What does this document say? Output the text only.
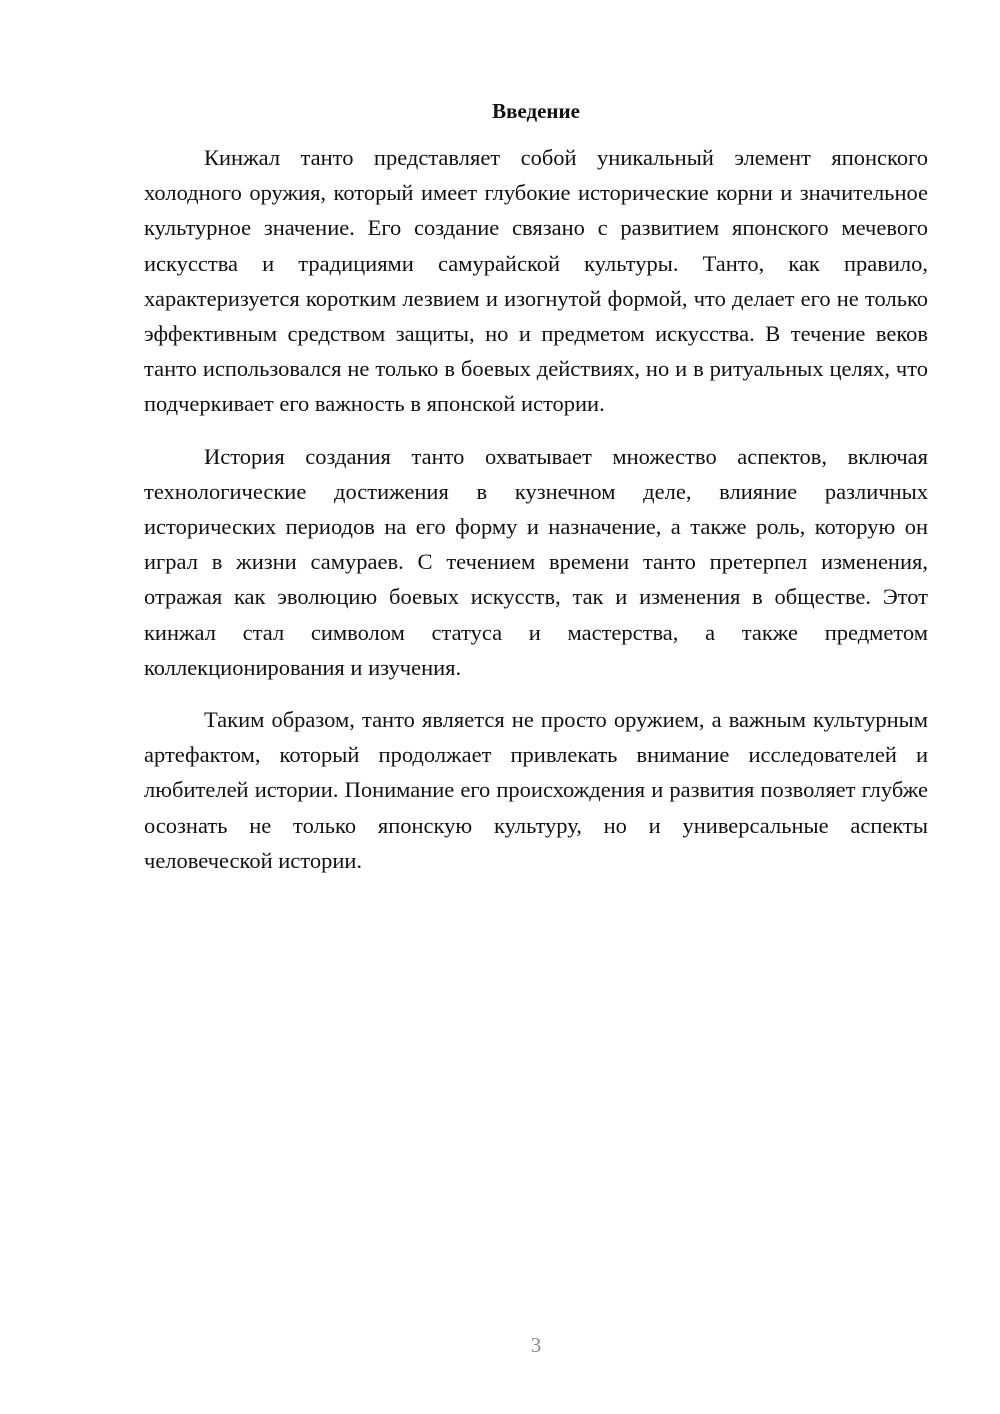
Введение

Кинжал танто представляет собой уникальный элемент японского холодного оружия, который имеет глубокие исторические корни и значительное культурное значение. Его создание связано с развитием японского мечевого искусства и традициями самурайской культуры. Танто, как правило, характеризуется коротким лезвием и изогнутой формой, что делает его не только эффективным средством защиты, но и предметом искусства. В течение веков танто использовался не только в боевых действиях, но и в ритуальных целях, что подчеркивает его важность в японской истории.

История создания танто охватывает множество аспектов, включая технологические достижения в кузнечном деле, влияние различных исторических периодов на его форму и назначение, а также роль, которую он играл в жизни самураев. С течением времени танто претерпел изменения, отражая как эволюцию боевых искусств, так и изменения в обществе. Этот кинжал стал символом статуса и мастерства, а также предметом коллекционирования и изучения.

Таким образом, танто является не просто оружием, а важным культурным артефактом, который продолжает привлекать внимание исследователей и любителей истории. Понимание его происхождения и развития позволяет глубже осознать не только японскую культуру, но и универсальные аспекты человеческой истории.

3
